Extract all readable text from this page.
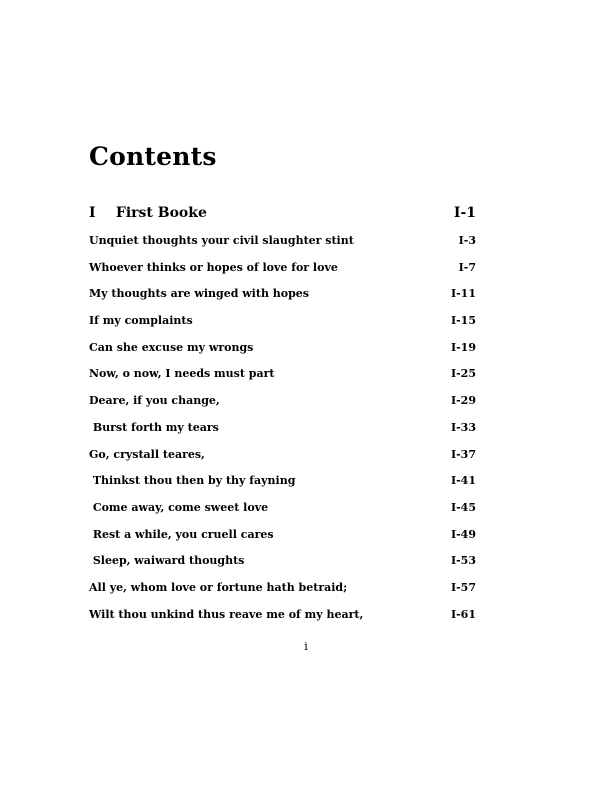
Contents
I First Booke	I-1
Unquiet thoughts your civil slaughter stint	I-3
Whoever thinks or hopes of love for love	I-7
My thoughts are winged with hopes	I-11
If my complaints	I-15
Can she excuse my wrongs	I-19
Now, o now, I needs must part	I-25
Deare, if you change,	I-29
Burst forth my tears	I-33
Go, crystall teares,	I-37
Thinkst thou then by thy fayning	I-41
Come away, come sweet love	I-45
Rest a while, you cruell cares	I-49
Sleep, waiward thoughts	I-53
All ye, whom love or fortune hath betraid;	I-57
Wilt thou unkind thus reave me of my heart,	I-61
i
